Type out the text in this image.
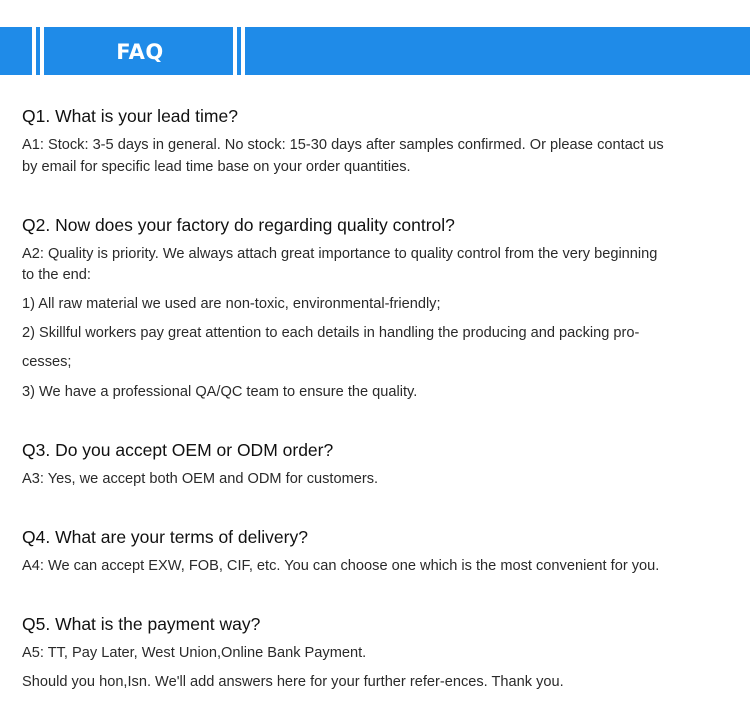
FAQ

Q1. What is your lead time?

A1: Stock: 3-5 days in general. No stock: 15-30 days after samples confirmed. Or please contact us

by email for specific lead time base on your order quantities.

Q2. Now does your factory do regarding quality control?

A2: Quality is priority. We always attach great importance to quality control from the very beginning

to the end:

1) All raw material we used are non-toxic, environmental-friendly;

2) Skillful workers pay great attention to each details in handling the producing and packing pro-

cesses;

3) We have a professional QA/QC team to ensure the quality.

Q3. Do you accept OEM or ODM order?

A3: Yes, we accept both OEM and ODM for customers.

Q4. What are your terms of delivery?

A4: We can accept EXW, FOB, CIF, etc. You can choose one which is the most convenient for you.

Q5. What is the payment way?

A5: TT, Pay Later, West Union,Online Bank Payment.

Should you hon,Isn. We'll add answers here for your further refer-ences. Thank you.
